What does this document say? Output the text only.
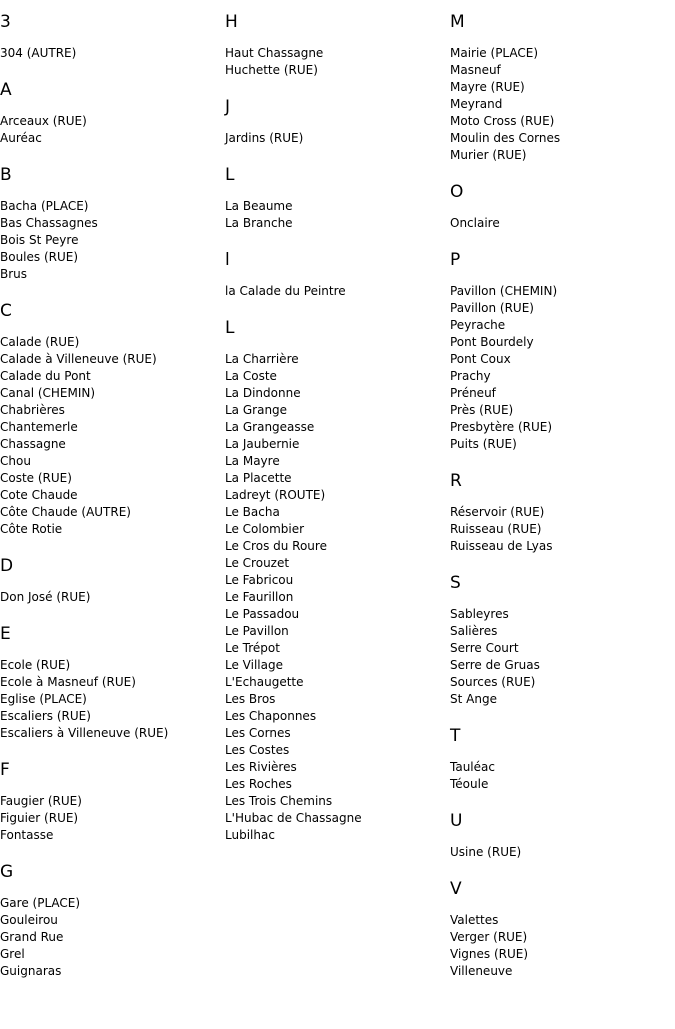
3
304 (AUTRE)
A
Arceaux (RUE)
Auréac
B
Bacha (PLACE)
Bas Chassagnes
Bois St Peyre
Boules (RUE)
Brus
C
Calade (RUE)
Calade à Villeneuve (RUE)
Calade du Pont
Canal (CHEMIN)
Chabrières
Chantemerle
Chassagne
Chou
Coste (RUE)
Cote Chaude
Côte Chaude (AUTRE)
Côte Rotie
D
Don José (RUE)
E
Ecole (RUE)
Ecole à Masneuf (RUE)
Eglise (PLACE)
Escaliers (RUE)
Escaliers à Villeneuve (RUE)
F
Faugier (RUE)
Figuier (RUE)
Fontasse
G
Gare (PLACE)
Gouleirou
Grand Rue
Grel
Guignaras
H
Haut Chassagne
Huchette (RUE)
J
Jardins (RUE)
L
La Beaume
La Branche
l
la Calade du Peintre
L
La Charrière
La Coste
La Dindonne
La Grange
La Grangeasse
La Jaubernie
La Mayre
La Placette
Ladreyt (ROUTE)
Le Bacha
Le Colombier
Le Cros du Roure
Le Crouzet
Le Fabricou
Le Faurillon
Le Passadou
Le Pavillon
Le Trépot
Le Village
L'Echaugette
Les Bros
Les Chaponnes
Les Cornes
Les Costes
Les Rivières
Les Roches
Les Trois Chemins
L'Hubac de Chassagne
Lubilhac
M
Mairie (PLACE)
Masneuf
Mayre (RUE)
Meyrand
Moto Cross (RUE)
Moulin des Cornes
Murier (RUE)
O
Onclaire
P
Pavillon (CHEMIN)
Pavillon (RUE)
Peyrache
Pont Bourdely
Pont Coux
Prachy
Préneuf
Près (RUE)
Presbytère (RUE)
Puits (RUE)
R
Réservoir (RUE)
Ruisseau (RUE)
Ruisseau de Lyas
S
Sableyres
Salières
Serre Court
Serre de Gruas
Sources (RUE)
St Ange
T
Tauléac
Téoule
U
Usine (RUE)
V
Valettes
Verger (RUE)
Vignes (RUE)
Villeneuve
